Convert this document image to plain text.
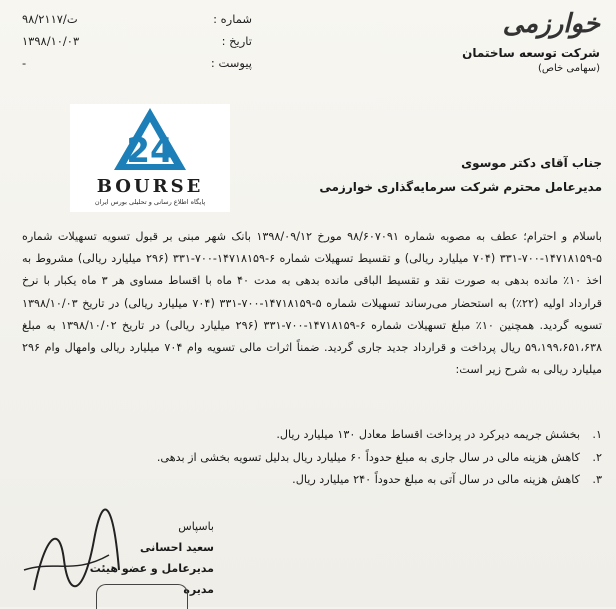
شماره :
۹۸/۲۱۱۷/ت
تاریخ :
۱۳۹۸/۱۰/۰۳
پیوست :
-
خوارزمی
شرکت توسعه ساختمان
(سهامی خاص)
24
BOURSE
پایگاه اطلاع رسانی و تحلیلی بورس ایران
جناب آقای دکتر موسوی
مدیرعامل محترم شرکت سرمایه‌گذاری خوارزمی
باسلام و احترام؛ عطف به مصوبه شماره ۹۸/۶۰۷۰۹۱ مورخ ۱۳۹۸/۰۹/۱۲ بانک شهر مبنی بر قبول تسویه تسهیلات شماره ۵-۱۴۷۱۸۱۵۹-۷۰۰-۳۳۱ (۷۰۴ میلیارد ریالی) و تقسیط تسهیلات شماره ۶-۱۴۷۱۸۱۵۹-۷۰۰-۳۳۱ (۲۹۶ میلیارد ریالی) مشروط به اخذ ۱۰٪ مانده بدهی به صورت نقد و تقسیط الباقی مانده بدهی به مدت ۴۰ ماه با اقساط مساوی هر ۳ ماه یکبار با نرخ قرارداد اولیه (۲۲٪) به استحضار می‌رساند تسهیلات شماره ۵-۱۴۷۱۸۱۵۹-۷۰۰-۳۳۱ (۷۰۴ میلیارد ریالی) در تاریخ ۱۳۹۸/۱۰/۰۳ تسویه گردید. همچنین ۱۰٪ مبلغ تسهیلات شماره ۶-۱۴۷۱۸۱۵۹-۷۰۰-۳۳۱ (۲۹۶ میلیارد ریالی) در تاریخ ۱۳۹۸/۱۰/۰۲ به مبلغ ۵۹،۱۹۹،۶۵۱،۶۳۸ ریال پرداخت و قرارداد جدید جاری گردید. ضمناً اثرات مالی تسویه وام ۷۰۴ میلیارد ریالی وامهال وام ۲۹۶ میلیارد ریالی به شرح زیر است:
۱.
بخشش جریمه دیرکرد در پرداخت اقساط معادل ۱۳۰ میلیارد ریال.
۲.
کاهش هزینه مالی در سال جاری به مبلغ حدوداً ۶۰ میلیارد ریال بدلیل تسویه بخشی از بدهی.
۳.
کاهش هزینه مالی در سال آتی به مبلغ حدوداً ۲۴۰ میلیارد ریال.
باسپاس
سعید احسانی
مدیرعامل و عضو هیئت مدیره
